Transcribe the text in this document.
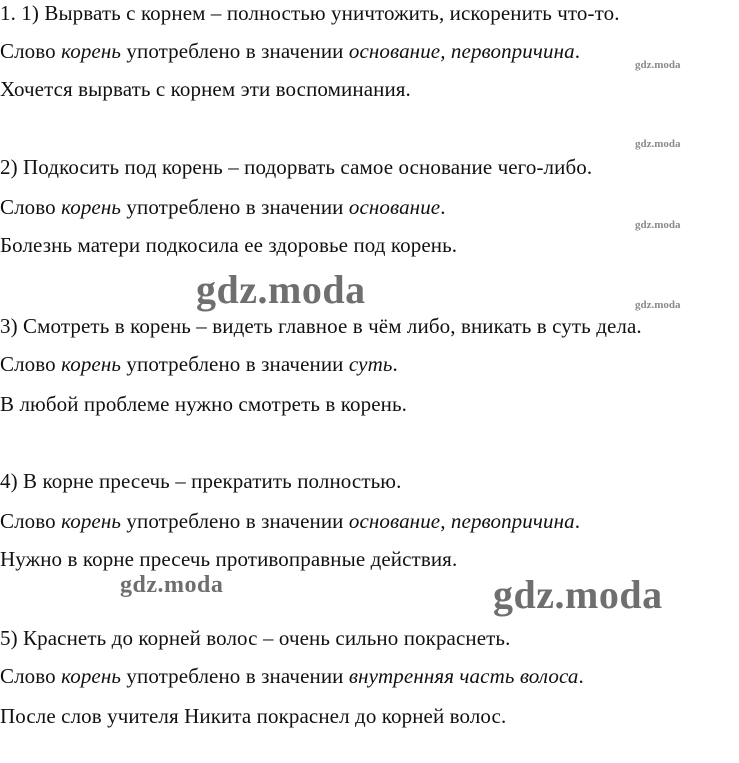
1. 1) Вырвать с корнем – полностью уничтожить, искоренить что-то.
Слово корень употреблено в значении основание, первопричина.
Хочется вырвать с корнем эти воспоминания.
2) Подкосить под корень – подорвать самое основание чего-либо.
Слово корень употреблено в значении основание.
Болезнь матери подкосила ее здоровье под корень.
3) Смотреть в корень – видеть главное в чём либо, вникать в суть дела.
Слово корень употреблено в значении суть.
В любой проблеме нужно смотреть в корень.
4) В корне пресечь – прекратить полностью.
Слово корень употреблено в значении основание, первопричина.
Нужно в корне пресечь противоправные действия.
5) Краснеть до корней волос – очень сильно покраснеть.
Слово корень употреблено в значении внутренняя часть волоса.
После слов учителя Никита покраснел до корней волос.
gdz.moda
gdz.moda
gdz.moda
gdz.moda
gdz.moda
gdz.moda	gdz.moda
